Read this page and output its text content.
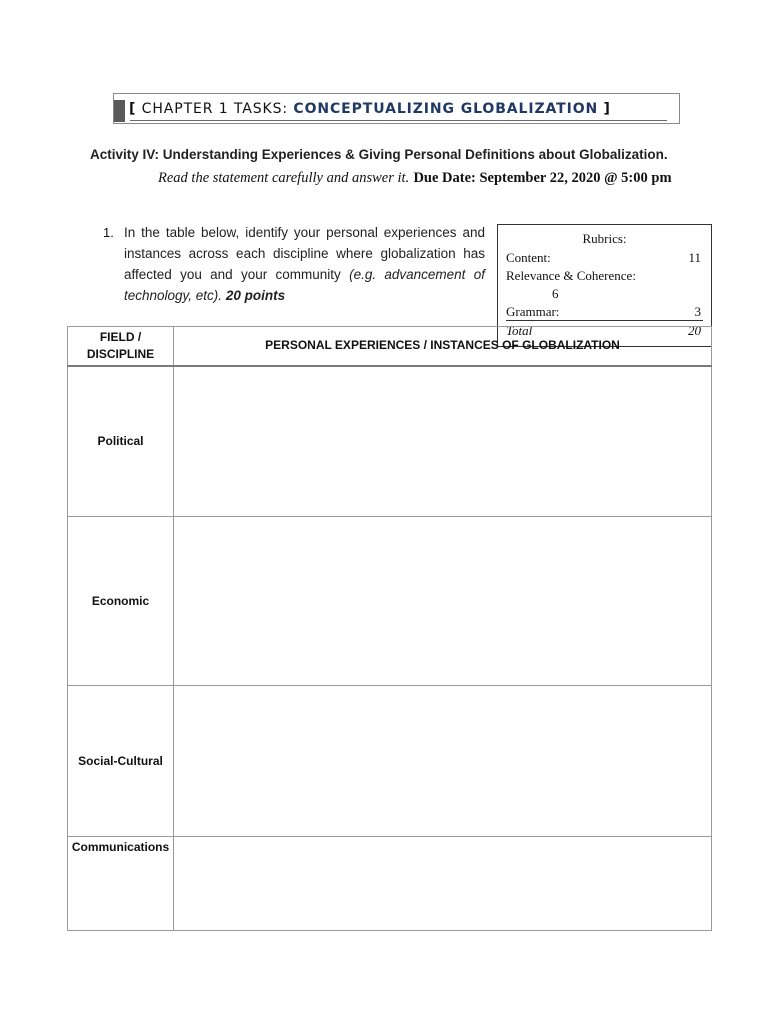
[ CHAPTER 1 TASKS: CONCEPTUALIZING GLOBALIZATION ]
Activity IV: Understanding Experiences & Giving Personal Definitions about Globalization.
Read the statement carefully and answer it. Due Date: September 22, 2020 @ 5:00 pm
1. In the table below, identify your personal experiences and instances across each discipline where globalization has affected you and your community (e.g. advancement of technology, etc). 20 points
Rubrics:
Content:	11
Relevance & Coherence:
6
Grammar:	3
Total	20
FIELD / DISCIPLINE	PERSONAL EXPERIENCES / INSTANCES OF GLOBALIZATION
Political	
Economic	
Social-Cultural	
Communications	
